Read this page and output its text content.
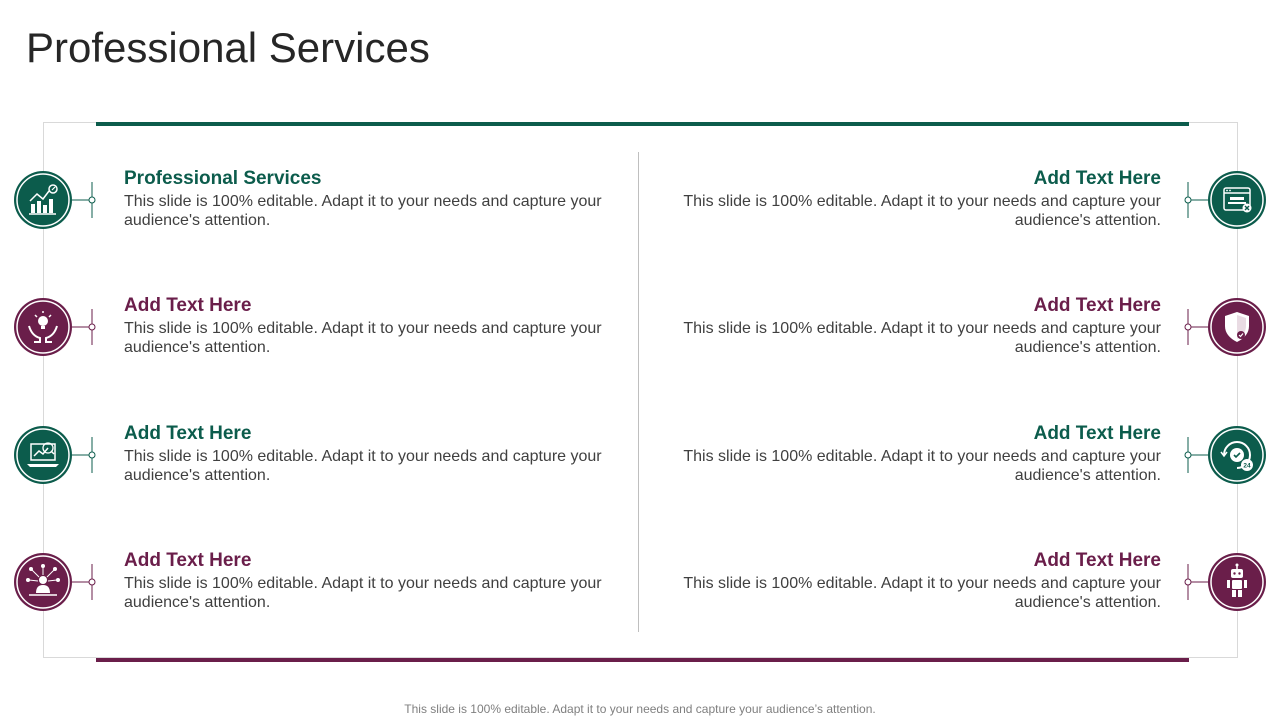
Professional Services
Professional Services
This slide is 100% editable. Adapt it to your needs and capture your audience's attention.
Add Text Here
This slide is 100% editable. Adapt it to your needs and capture your audience's attention.
Add Text Here
This slide is 100% editable. Adapt it to your needs and capture your audience's attention.
Add Text Here
This slide is 100% editable. Adapt it to your needs and capture your audience's attention.
Add Text Here
This slide is 100% editable. Adapt it to your needs and capture your audience's attention.
Add Text Here
This slide is 100% editable. Adapt it to your needs and capture your audience's attention.
Add Text Here
This slide is 100% editable. Adapt it to your needs and capture your audience's attention.
Add Text Here
This slide is 100% editable. Adapt it to your needs and capture your audience's attention.
24
This slide is 100% editable. Adapt it to your needs and capture your audience’s attention.
